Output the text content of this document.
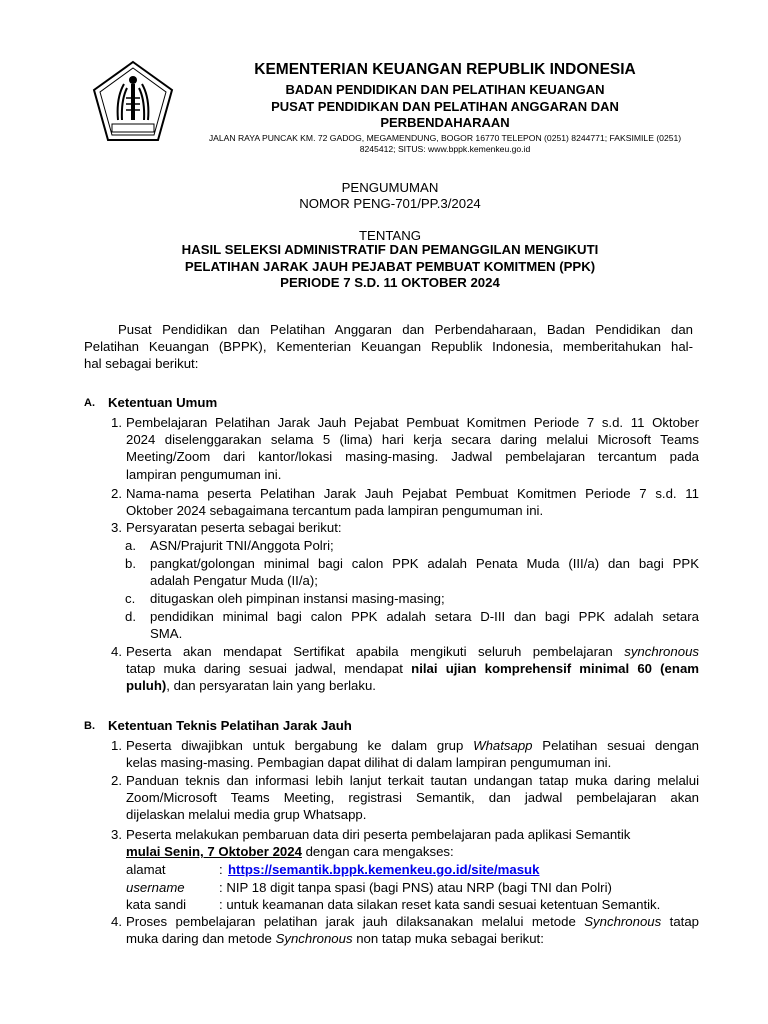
KEMENTERIAN KEUANGAN REPUBLIK INDONESIA
BADAN PENDIDIKAN DAN PELATIHAN KEUANGAN
PUSAT PENDIDIKAN DAN PELATIHAN ANGGARAN DAN
PERBENDAHARAAN
JALAN RAYA PUNCAK KM. 72 GADOG, MEGAMENDUNG, BOGOR 16770 TELEPON (0251) 8244771; FAKSIMILE (0251)
8245412; SITUS: www.bppk.kemenkeu.go.id
PENGUMUMAN
NOMOR PENG-701/PP.3/2024
TENTANG
HASIL SELEKSI ADMINISTRATIF DAN PEMANGGILAN MENGIKUTI
PELATIHAN JARAK JAUH PEJABAT PEMBUAT KOMITMEN (PPK)
PERIODE 7 S.D. 11 OKTOBER 2024
Pusat Pendidikan dan Pelatihan Anggaran dan Perbendaharaan, Badan Pendidikan dan
Pelatihan Keuangan (BPPK), Kementerian Keuangan Republik Indonesia, memberitahukan hal-
hal sebagai berikut:
A. Ketentuan Umum
1. Pembelajaran Pelatihan Jarak Jauh Pejabat Pembuat Komitmen Periode 7 s.d. 11 Oktober
2024 diselenggarakan selama 5 (lima) hari kerja secara daring melalui Microsoft Teams
Meeting/Zoom dari kantor/lokasi masing-masing. Jadwal pembelajaran tercantum pada
lampiran pengumuman ini.
2. Nama-nama peserta Pelatihan Jarak Jauh Pejabat Pembuat Komitmen Periode 7 s.d. 11
Oktober 2024 sebagaimana tercantum pada lampiran pengumuman ini.
3. Persyaratan peserta sebagai berikut:
a.	ASN/Prajurit TNI/Anggota Polri;
b.	pangkat/golongan minimal bagi calon PPK adalah Penata Muda (III/a) dan bagi PPK
adalah Pengatur Muda (II/a);
c.	ditugaskan oleh pimpinan instansi masing-masing;
d.	pendidikan minimal bagi calon PPK adalah setara D-III dan bagi PPK adalah setara
SMA.
4. Peserta akan mendapat Sertifikat apabila mengikuti seluruh pembelajaran synchronous
tatap muka daring sesuai jadwal, mendapat nilai ujian komprehensif minimal 60 (enam
puluh), dan persyaratan lain yang berlaku.
B. Ketentuan Teknis Pelatihan Jarak Jauh
1. Peserta diwajibkan untuk bergabung ke dalam grup Whatsapp Pelatihan sesuai dengan
kelas masing-masing. Pembagian dapat dilihat di dalam lampiran pengumuman ini.
2. Panduan teknis dan informasi lebih lanjut terkait tautan undangan tatap muka daring melalui
Zoom/Microsoft Teams Meeting, registrasi Semantik, dan jadwal pembelajaran akan
dijelaskan melalui media grup Whatsapp.
3. Peserta melakukan pembaruan data diri peserta pembelajaran pada aplikasi Semantik
mulai Senin, 7 Oktober 2024 dengan cara mengakses:
alamat	: https://semantik.bppk.kemenkeu.go.id/site/masuk
username	: NIP 18 digit tanpa spasi (bagi PNS) atau NRP (bagi TNI dan Polri)
kata sandi : untuk keamanan data silakan reset kata sandi sesuai ketentuan Semantik.
4. Proses pembelajaran pelatihan jarak jauh dilaksanakan melalui metode Synchronous tatap
muka daring dan metode Synchronous non tatap muka sebagai berikut:
